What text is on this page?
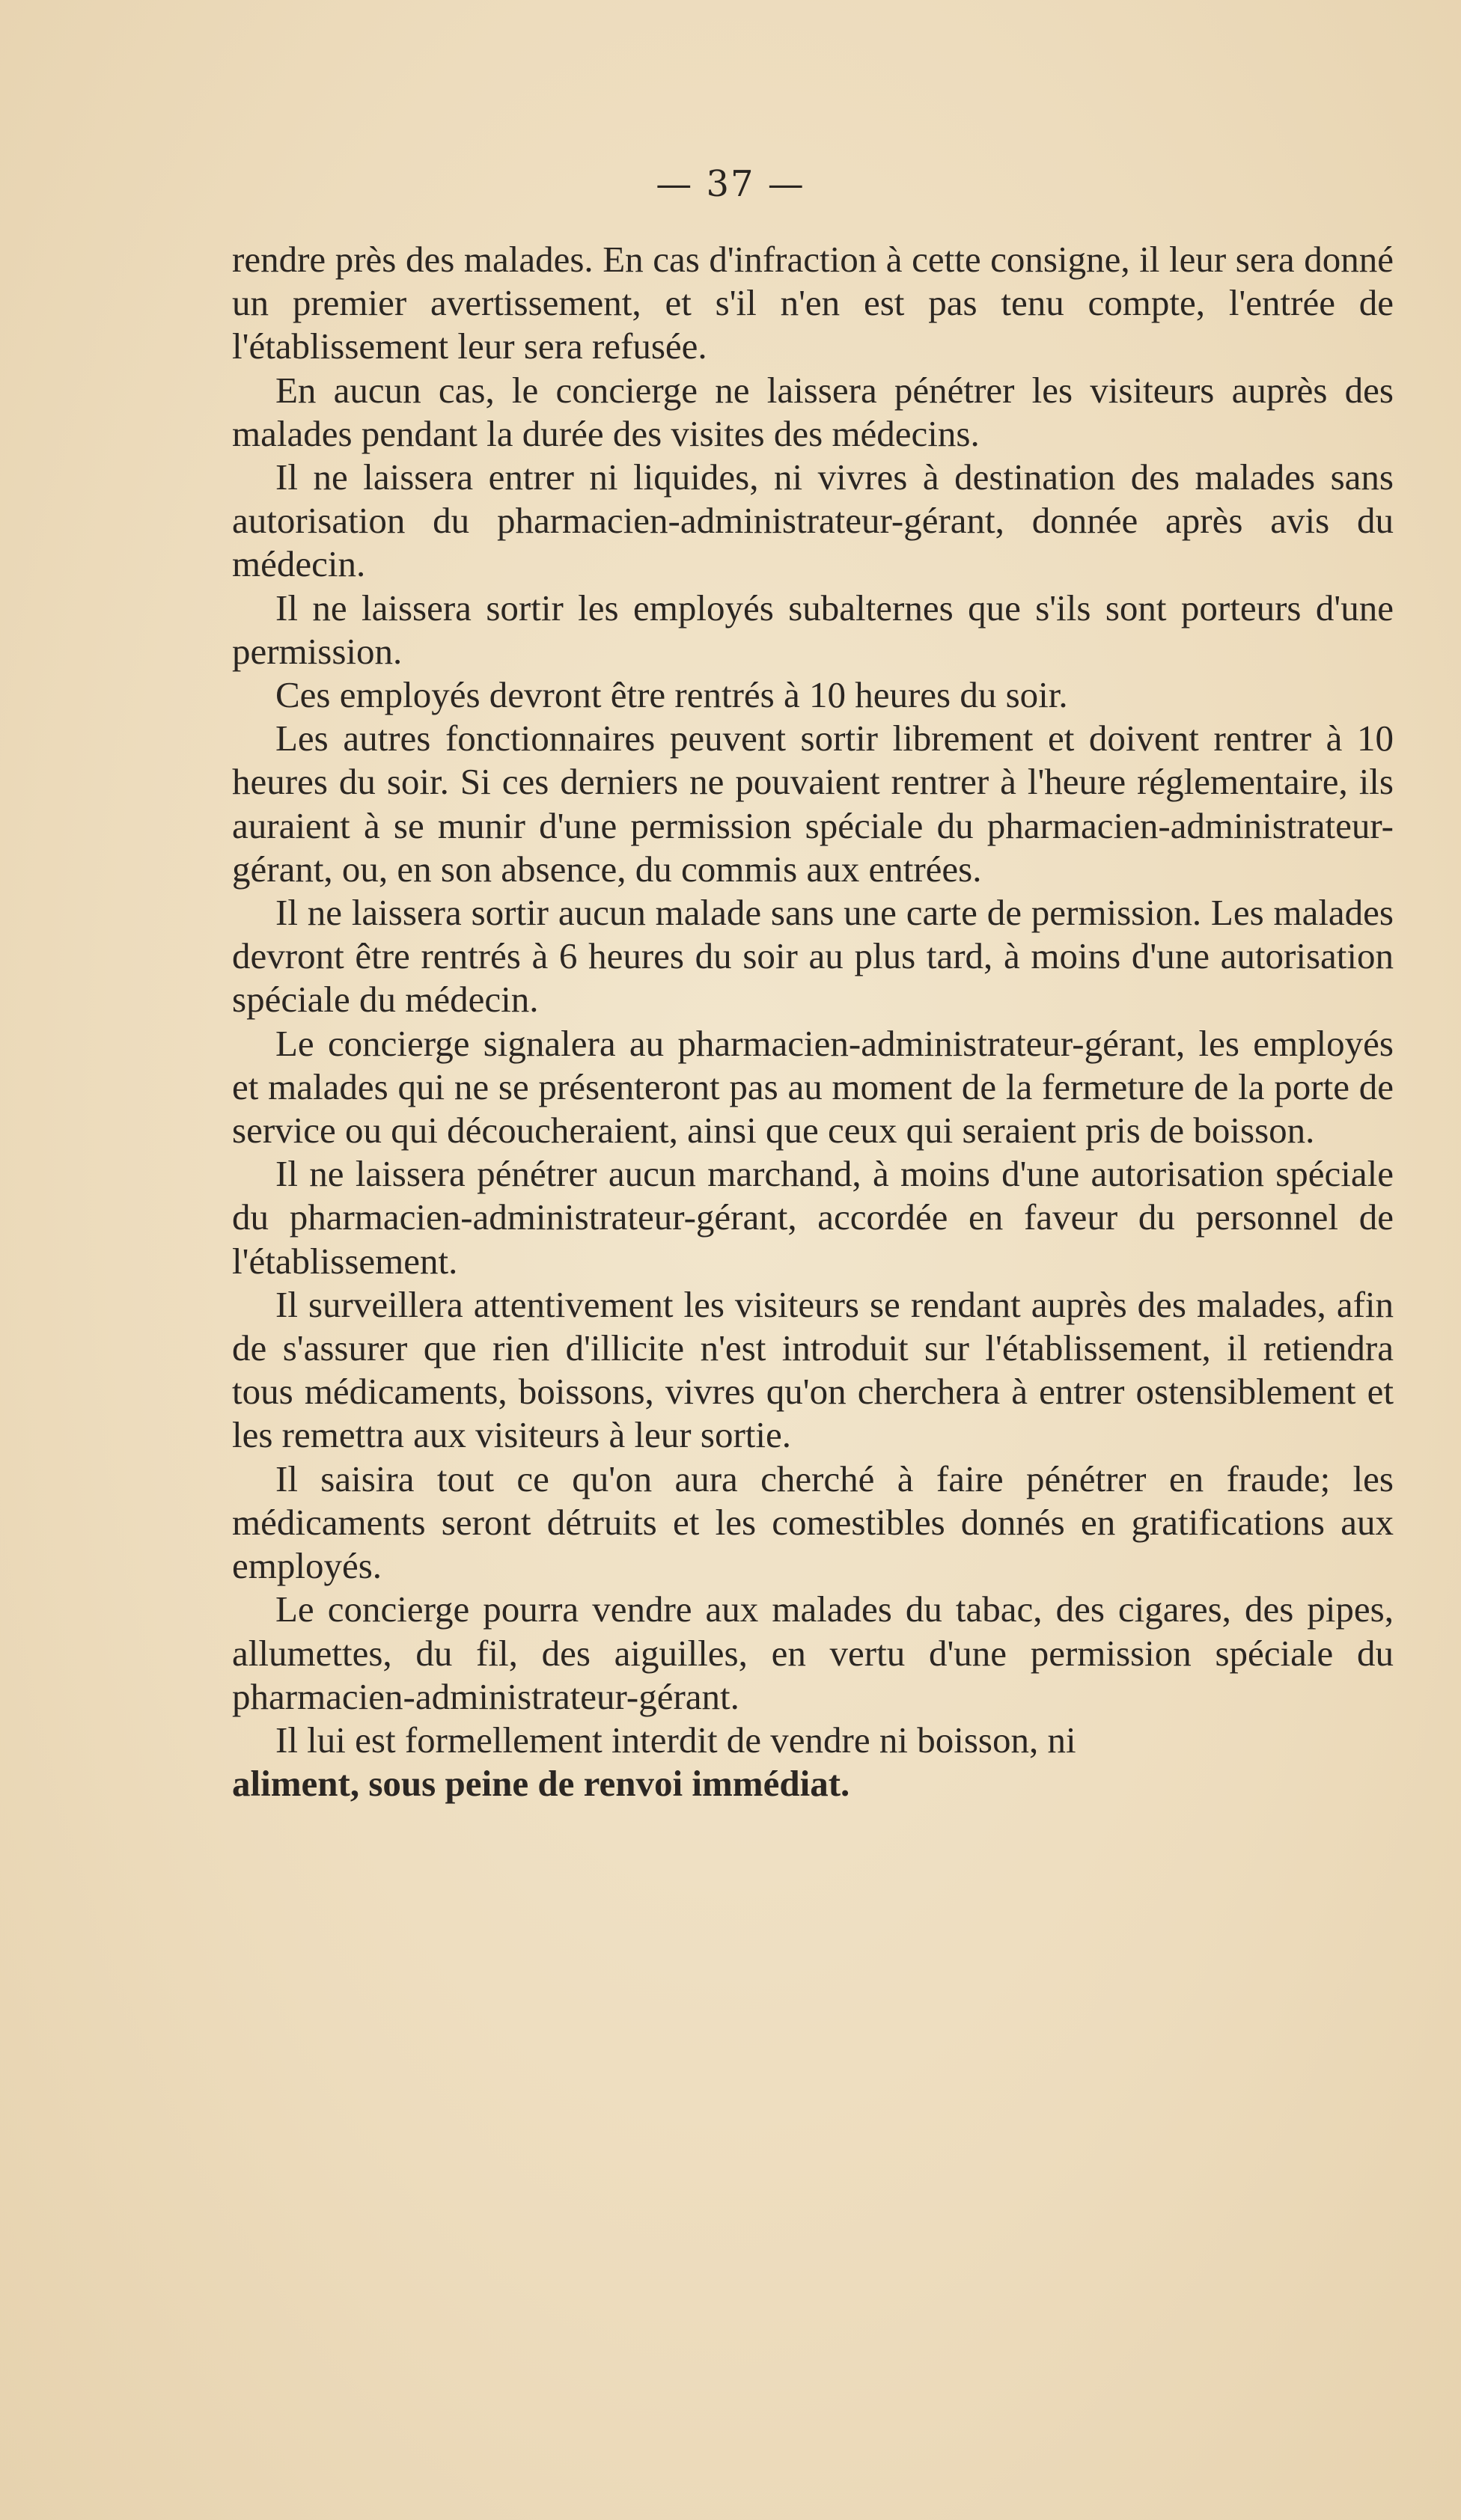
— 37 —

rendre près des malades. En cas d'infraction à cette consigne, il leur sera donné un premier avertissement, et s'il n'en est pas tenu compte, l'entrée de l'établissement leur sera refusée.

En aucun cas, le concierge ne laissera pénétrer les visiteurs auprès des malades pendant la durée des visites des médecins.

Il ne laissera entrer ni liquides, ni vivres à destination des malades sans autorisation du pharmacien-administrateur-gérant, donnée après avis du médecin.

Il ne laissera sortir les employés subalternes que s'ils sont porteurs d'une permission.

Ces employés devront être rentrés à 10 heures du soir.

Les autres fonctionnaires peuvent sortir librement et doivent rentrer à 10 heures du soir. Si ces derniers ne pouvaient rentrer à l'heure réglementaire, ils auraient à se munir d'une permission spéciale du pharmacien-administrateur-gérant, ou, en son absence, du commis aux entrées.

Il ne laissera sortir aucun malade sans une carte de permission. Les malades devront être rentrés à 6 heures du soir au plus tard, à moins d'une autorisation spéciale du médecin.

Le concierge signalera au pharmacien-administrateur-gérant, les employés et malades qui ne se présenteront pas au moment de la fermeture de la porte de service ou qui découcheraient, ainsi que ceux qui seraient pris de boisson.

Il ne laissera pénétrer aucun marchand, à moins d'une autorisation spéciale du pharmacien-administrateur-gérant, accordée en faveur du personnel de l'établissement.

Il surveillera attentivement les visiteurs se rendant auprès des malades, afin de s'assurer que rien d'illicite n'est introduit sur l'établissement, il retiendra tous médicaments, boissons, vivres qu'on cherchera à entrer ostensiblement et les remettra aux visiteurs à leur sortie.

Il saisira tout ce qu'on aura cherché à faire pénétrer en fraude; les médicaments seront détruits et les comestibles donnés en gratifications aux employés.

Le concierge pourra vendre aux malades du tabac, des cigares, des pipes, allumettes, du fil, des aiguilles, en vertu d'une permission spéciale du pharmacien-administrateur-gérant.

Il lui est formellement interdit de vendre ni boisson, ni
aliment, sous peine de renvoi immédiat.
